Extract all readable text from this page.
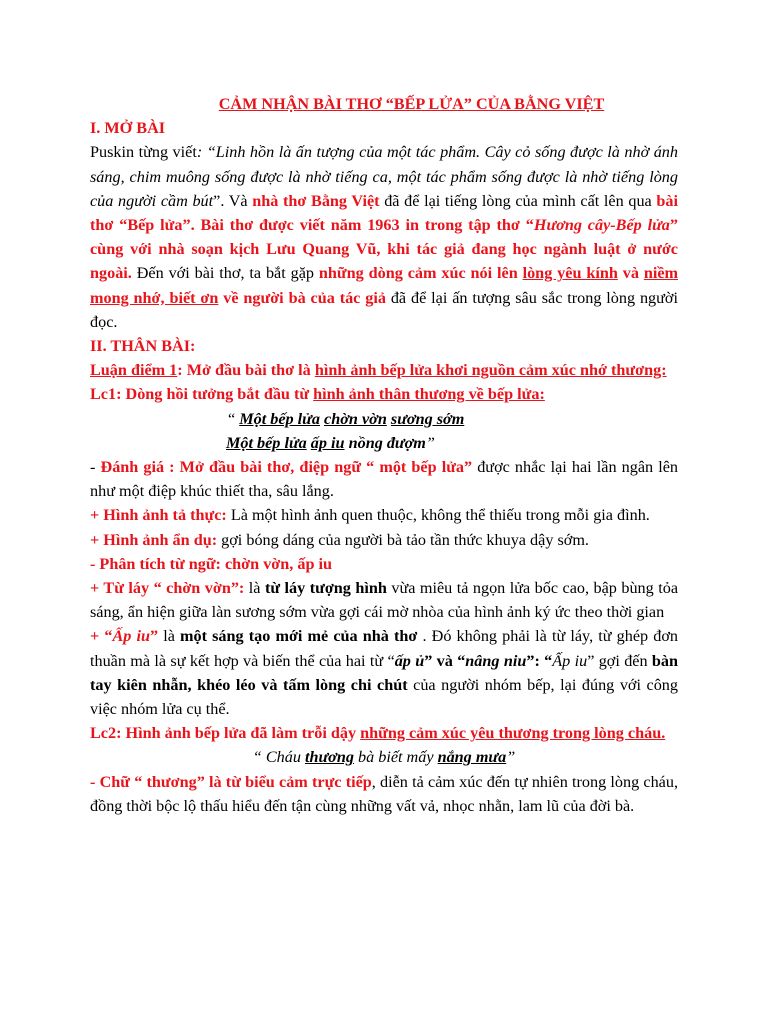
CẢM NHẬN BÀI THƠ “BẾP LỬA” CỦA BẰNG VIỆT

I. MỞ BÀI

Puskin từng viết: “Linh hồn là ấn tượng của một tác phẩm. Cây cỏ sống được là nhờ ánh sáng, chim muông sống được là nhờ tiếng ca, một tác phẩm sống được là nhờ tiếng lòng của người cầm bút”. Và nhà thơ Bằng Việt đã để lại tiếng lòng của mình cất lên qua bài thơ “Bếp lửa”. Bài thơ được viết năm 1963 in trong tập thơ “Hương cây-Bếp lửa” cùng với nhà soạn kịch Lưu Quang Vũ, khi tác giả đang học ngành luật ở nước ngoài. Đến với bài thơ, ta bắt gặp những dòng cảm xúc nói lên lòng yêu kính và niềm mong nhớ, biết ơn về người bà của tác giả đã để lại ấn tượng sâu sắc trong lòng người đọc.

II. THÂN BÀI:

Luận điểm 1: Mở đầu bài thơ là hình ảnh bếp lửa khơi nguồn cảm xúc nhớ thương:

Lc1: Dòng hồi tưởng bắt đầu từ hình ảnh thân thương về bếp lửa:

“ Một bếp lửa chờn vờn sương sớm

Một bếp lửa ấp iu nồng đượm”

- Đánh giá : Mở đầu bài thơ, điệp ngữ “ một bếp lửa” được nhắc lại hai lần ngân lên như một điệp khúc thiết tha, sâu lắng.

+ Hình ảnh tả thực: Là một hình ảnh quen thuộc, không thể thiếu trong mỗi gia đình.

+ Hình ảnh ẩn dụ: gợi bóng dáng của người bà tảo tần thức khuya dậy sớm.

- Phân tích từ ngữ: chờn vờn, ấp iu

+ Từ láy “ chờn vờn”: là từ láy tượng hình vừa miêu tả ngọn lửa bốc cao, bập bùng tỏa sáng, ẩn hiện giữa làn sương sớm vừa gợi cái mờ nhòa của hình ảnh ký ức theo thời gian

+ “Ấp iu” là một sáng tạo mới mẻ của nhà thơ . Đó không phải là từ láy, từ ghép đơn thuần mà là sự kết hợp và biến thể của hai từ “ấp ủ” và “nâng niu”: “Ấp iu” gợi đến bàn tay kiên nhẫn, khéo léo và tấm lòng chi chút của người nhóm bếp, lại đúng với công việc nhóm lửa cụ thể.

Lc2: Hình ảnh bếp lửa đã làm trỗi dậy những cảm xúc yêu thương trong lòng cháu.

“ Cháu thương bà biết mấy nắng mưa”

- Chữ “ thương” là từ biểu cảm trực tiếp, diễn tả cảm xúc đến tự nhiên trong lòng cháu, đồng thời bộc lộ thấu hiểu đến tận cùng những vất vả, nhọc nhằn, lam lũ của đời bà.
